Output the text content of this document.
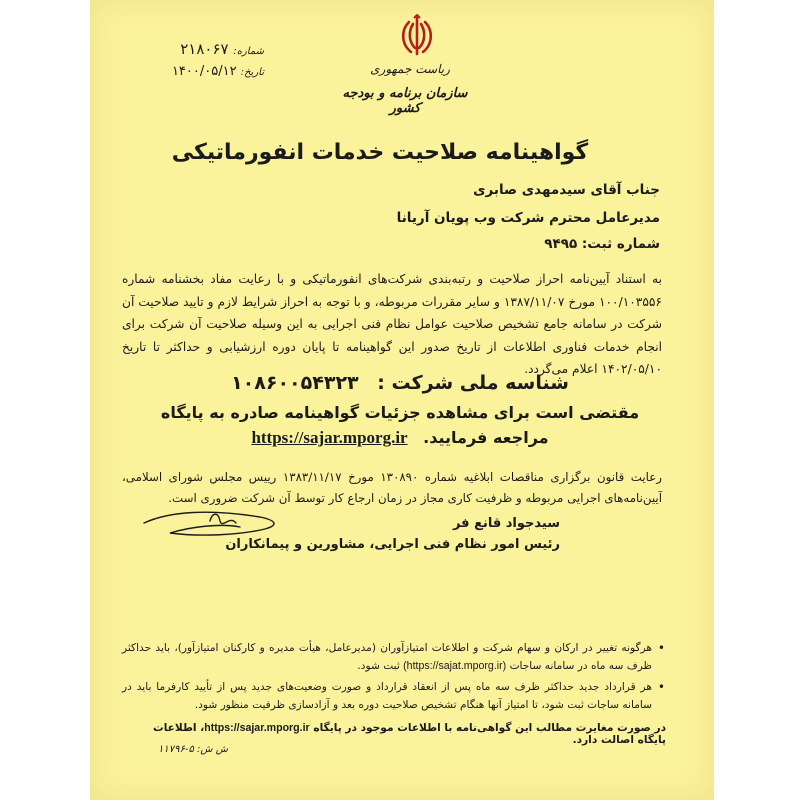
شماره: ۲۱۸۰۶۷
تاریخ: ۱۴۰۰/۰۵/۱۲	ریاست جمهوری
سازمان برنامه و بودجه کشور
گواهینامه صلاحیت خدمات انفورماتیکی
جناب آقای سیدمهدی صابری
مدیرعامل محترم شرکت وب پویان آریانا
شماره ثبت: ۹۴۹۵
به استناد آیین‌نامه احراز صلاحیت و رتبه‌بندی شرکت‌های انفورماتیکی و با رعایت مفاد بخشنامه شماره ۱۰۰/۱۰۳۵۵۶ مورخ ۱۳۸۷/۱۱/۰۷ و سایر مقررات مربوطه، و با توجه به احراز شرایط لازم و تایید صلاحیت آن شرکت در سامانه جامع تشخیص صلاحیت عوامل نظام فنی اجرایی به این وسیله صلاحیت آن شرکت برای انجام خدمات فناوری اطلاعات از تاریخ صدور این گواهینامه تا پایان دوره ارزشیابی و حداکثر تا تاریخ ۱۴۰۲/۰۵/۱۰ اعلام می‌گردد.
شناسه ملی شرکت : ۱۰۸۶۰۰۵۴۳۲۳
مقتضی است برای مشاهده جزئیات گواهینامه صادره به پایگاه
مراجعه فرمایید. https://sajar.mporg.ir
رعایت قانون برگزاری مناقصات ابلاغیه شماره ۱۳۰۸۹۰ مورخ ۱۳۸۳/۱۱/۱۷ رییس مجلس شورای اسلامی، آیین‌نامه‌های اجرایی مربوطه و ظرفیت کاری مجاز در زمان ارجاع کار توسط آن شرکت ضروری است.
سیدجواد قانع فر
رئیس امور نظام فنی اجرایی، مشاورین و پیمانکاران
• هرگونه تغییر در ارکان و سهام شرکت و اطلاعات امتیازآوران (مدیرعامل، هیأت مدیره و کارکنان امتیازآور)، باید حداکثر ظرف سه ماه در سامانه ساجات (https://sajat.mporg.ir) ثبت شود.
• هر قرارداد جدید حداکثر ظرف سه ماه پس از انعقاد قرارداد و صورت وضعیت‌های جدید پس از تأیید کارفرما باید در سامانه ساجات ثبت شود، تا امتیاز آنها هنگام تشخیص صلاحیت دوره بعد و آزادسازی ظرفیت منظور شود.
در صورت مغایرت مطالب این گواهی‌نامه با اطلاعات موجود در پایگاه https://sajar.mporg.ir، اطلاعات پایگاه اصالت دارد.
ش ش: ۵-۱۱۷۹۶
